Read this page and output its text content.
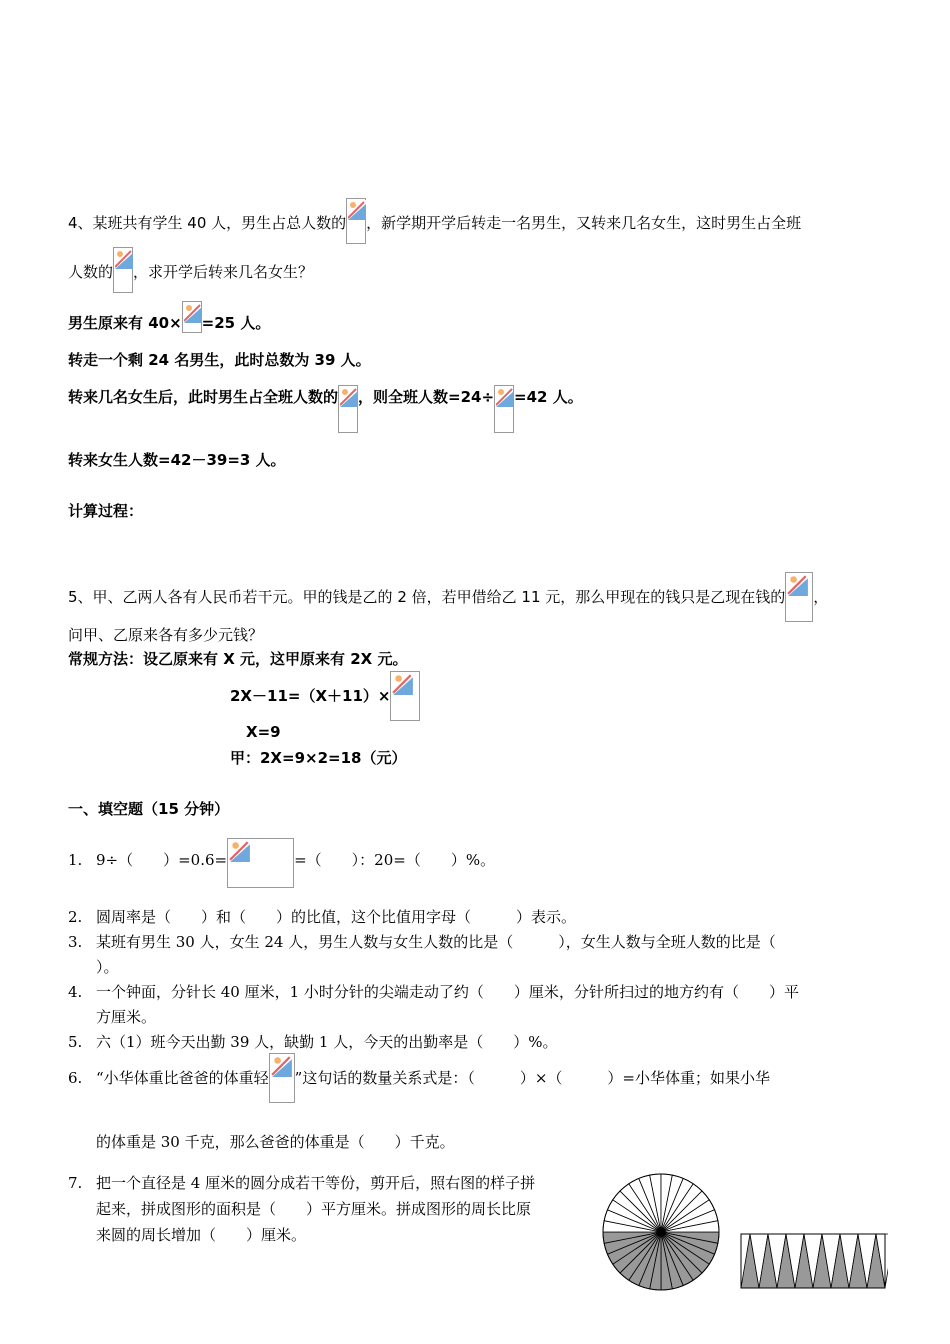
4、某班共有学生 40 人，男生占总人数的 ，新学期开学后转走一名男生，又转来几名女生，这时男生占全班
人数的 ，求开学后转来几名女生？
男生原来有 40× =25 人。
转走一个剩 24 名男生，此时总数为 39 人。
转来几名女生后，此时男生占全班人数的 ，则全班人数=24÷ =42 人。
转来女生人数=42－39=3 人。
计算过程：
5、甲、乙两人各有人民币若干元。甲的钱是乙的 2 倍，若甲借给乙 11 元，那么甲现在的钱只是乙现在钱的 ，
问甲、乙原来各有多少元钱？
常规方法：设乙原来有 X 元，这甲原来有 2X 元。
2X－11=（X＋11）×
X=9
甲：2X=9×2=18（元）
一、填空题（15 分钟）
1. 9÷（　　）=0.6=	=（　　）：20=（　　）%。
2. 圆周率是（　　）和（　　）的比值，这个比值用字母（　　　）表示。
3. 某班有男生 30 人，女生 24 人，男生人数与女生人数的比是（　　　），女生人数与全班人数的比是（
）。
4. 一个钟面，分针长 40 厘米，1 小时分针的尖端走动了约（　　）厘米，分针所扫过的地方约有（　　）平
方厘米。
5. 六（1）班今天出勤 39 人，缺勤 1 人，今天的出勤率是（　　）%。
6. “小华体重比爸爸的体重轻 ”这句话的数量关系式是：（　　　）×（　　　）=小华体重；如果小华
的体重是 30 千克，那么爸爸的体重是（　　）千克。
7. 把一个直径是 4 厘米的圆分成若干等份，剪开后，照右图的样子拼
起来，拼成图形的面积是（　　）平方厘米。拼成图形的周长比原
来圆的周长增加（　　）厘米。
